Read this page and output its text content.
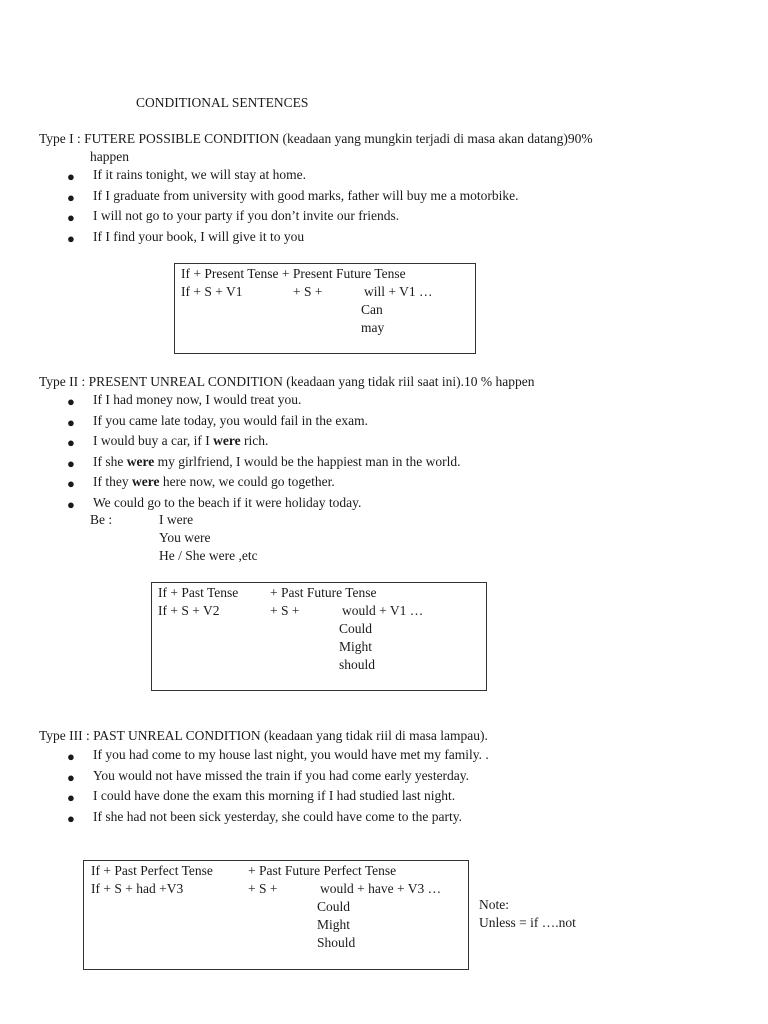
CONDITIONAL SENTENCES
Type I : FUTERE POSSIBLE CONDITION (keadaan yang mungkin terjadi di masa akan datang)90%
happen
● If it rains tonight, we will stay at home.
● If I graduate from university with good marks, father will buy me a motorbike.
● I will not go to your party if you don’t invite our friends.
● If I find your book, I will give it to you
If + Present Tense + Present Future Tense
If + S + V1	+ S +	will + V1 …
Can
may
Type II : PRESENT UNREAL CONDITION (keadaan yang tidak riil saat ini).10 % happen
● If I had money now, I would treat you.
● If you came late today, you would fail in the exam.
● I would buy a car, if I were rich.
● If she were my girlfriend, I would be the happiest man in the world.
● If they were here now, we could go together.
● We could go to the beach if it were holiday today.
Be :	I were
You were
He / She were ,etc
If + Past Tense + Past Future Tense
If + S + V2	+ S +	would + V1 …
Could
Might
should
Type III : PAST UNREAL CONDITION (keadaan yang tidak riil di masa lampau).
● If you had come to my house last night, you would have met my family. .
● You would not have missed the train if you had come early yesterday.
● I could have done the exam this morning if I had studied last night.
● If she had not been sick yesterday, she could have come to the party.
If + Past Perfect Tense	+ Past Future Perfect Tense
If + S + had +V3	+ S +	would + have + V3 …
Could
Might
Should
Note:
Unless = if ….not
